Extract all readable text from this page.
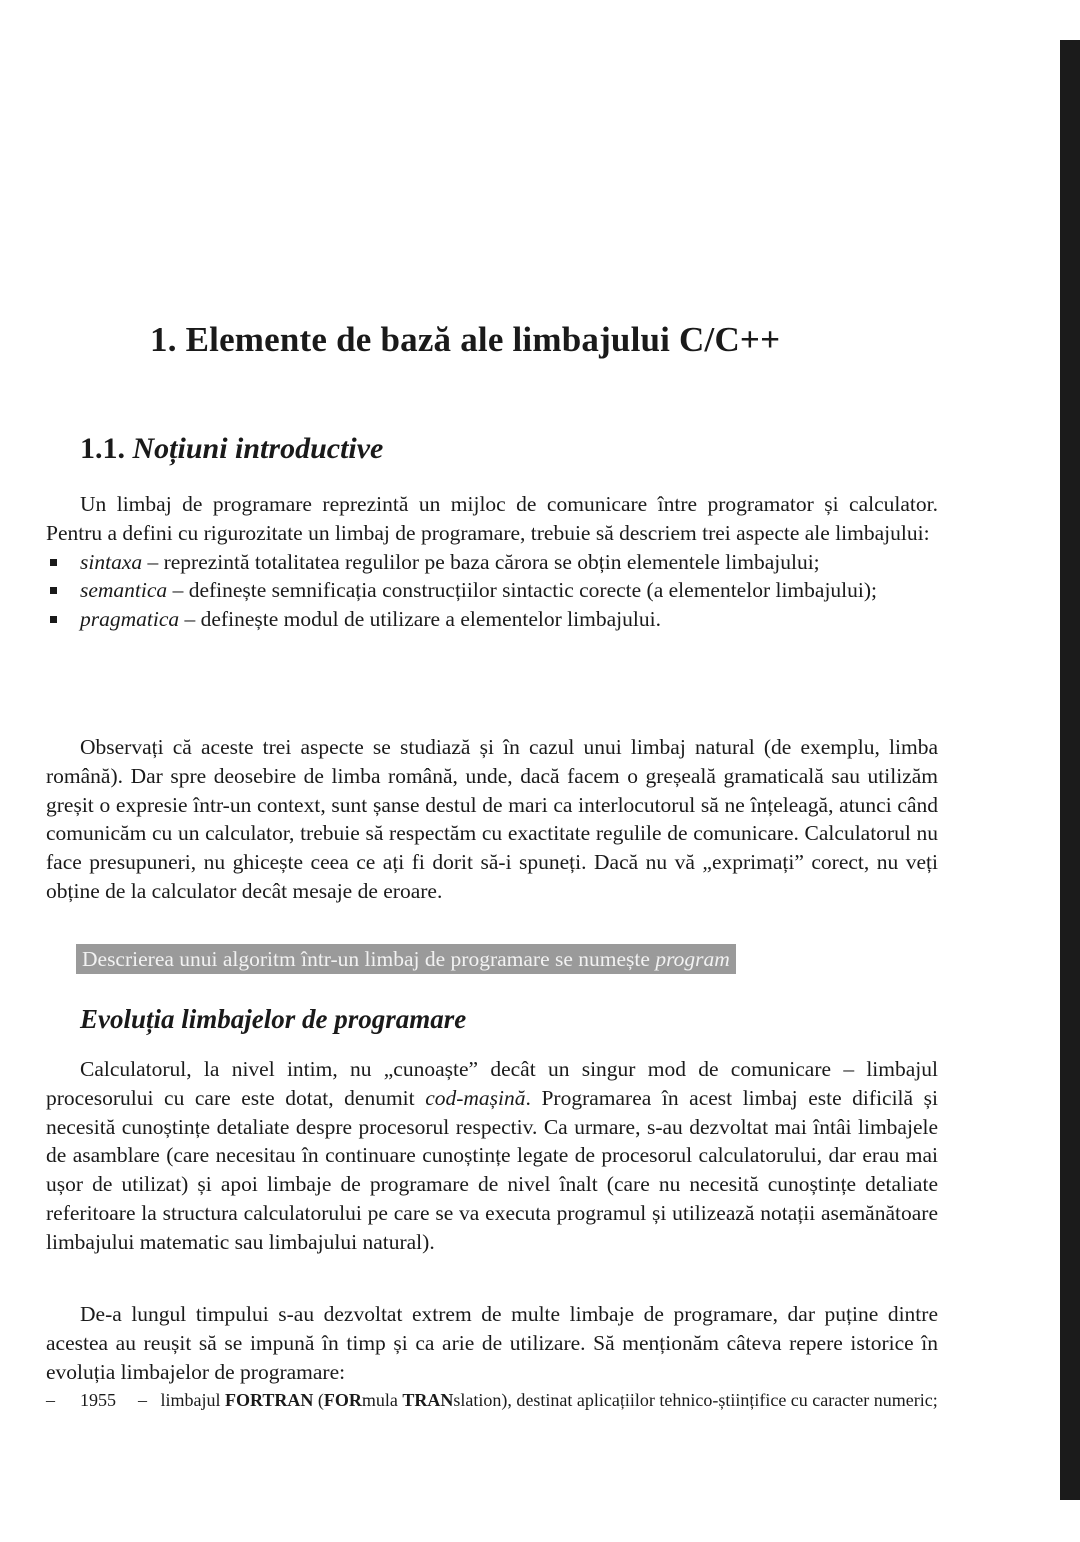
1. Elemente de bază ale limbajului C/C++
1.1. Noțiuni introductive

Un limbaj de programare reprezintă un mijloc de comunicare între programator și calculator. Pentru a defini cu rigurozitate un limbaj de programare, trebuie să descriem trei aspecte ale limbajului:

sintaxa – reprezintă totalitatea regulilor pe baza cărora se obțin elementele limbajului;
semantica – definește semnificația construcțiilor sintactic corecte (a elementelor limbajului);
pragmatica – definește modul de utilizare a elementelor limbajului.

Observați că aceste trei aspecte se studiază și în cazul unui limbaj natural (de exemplu, limba română). Dar spre deosebire de limba română, unde, dacă facem o greșeală gramaticală sau utilizăm greșit o expresie într-un context, sunt șanse destul de mari ca interlocutorul să ne înțeleagă, atunci când comunicăm cu un calculator, trebuie să respectăm cu exactitate regulile de comunicare. Calculatorul nu face presupuneri, nu ghicește ceea ce ați fi dorit să-i spuneți. Dacă nu vă „exprimați” corect, nu veți obține de la calculator decât mesaje de eroare.

Descrierea unui algoritm într-un limbaj de programare se numește program
Evoluția limbajelor de programare

Calculatorul, la nivel intim, nu „cunoaște” decât un singur mod de comunicare – limbajul procesorului cu care este dotat, denumit cod-mașină. Programarea în acest limbaj este dificilă și necesită cunoștințe detaliate despre procesorul respectiv. Ca urmare, s-au dezvoltat mai întâi limbajele de asamblare (care necesitau în continuare cunoștințe legate de procesorul calculatorului, dar erau mai ușor de utilizat) și apoi limbaje de programare de nivel înalt (care nu necesită cunoștințe detaliate referitoare la structura calculatorului pe care se va executa programul și utilizează notații asemănătoare limbajului matematic sau limbajului natural).

De-a lungul timpului s-au dezvoltat extrem de multe limbaje de programare, dar puține dintre acestea au reușit să se impună în timp și ca arie de utilizare. Să menționăm câteva repere istorice în evoluția limbajelor de programare:

– 1955 – limbajul FORTRAN (FORmula TRANslation), destinat aplicațiilor tehnico-științifice cu caracter numeric;
